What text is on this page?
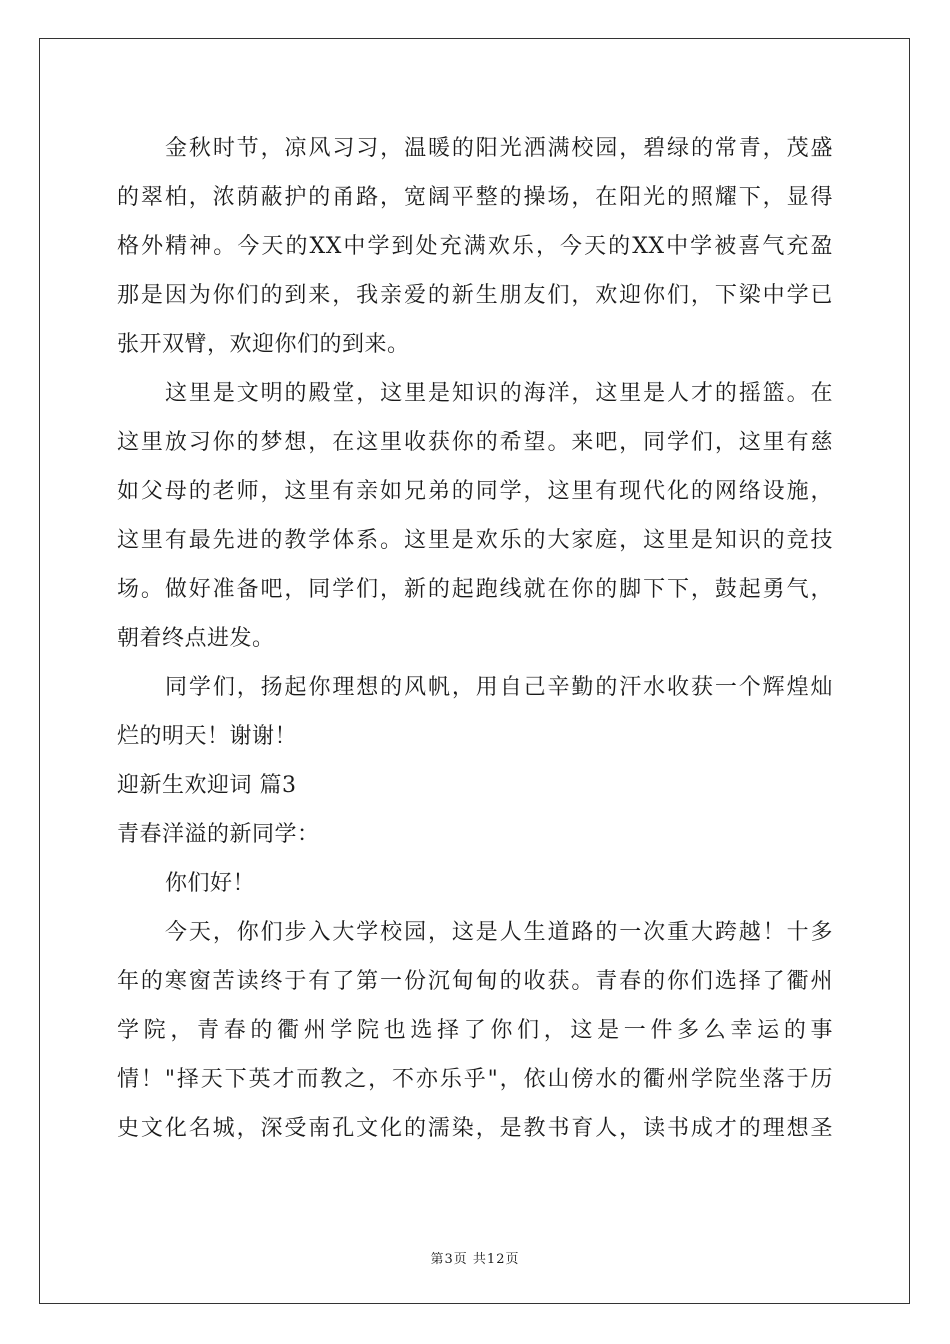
金秋时节，凉风习习，温暖的阳光洒满校园，碧绿的常青，茂盛
的翠柏，浓荫蔽护的甬路，宽阔平整的操场，在阳光的照耀下，显得
格外精神。今天的XX中学到处充满欢乐，今天的XX中学被喜气充盈
那是因为你们的到来，我亲爱的新生朋友们，欢迎你们，下梁中学已
张开双臂，欢迎你们的到来。
这里是文明的殿堂，这里是知识的海洋，这里是人才的摇篮。在
这里放习你的梦想，在这里收获你的希望。来吧，同学们，这里有慈
如父母的老师，这里有亲如兄弟的同学，这里有现代化的网络设施，
这里有最先进的教学体系。这里是欢乐的大家庭，这里是知识的竞技
场。做好准备吧，同学们，新的起跑线就在你的脚下下，鼓起勇气，
朝着终点进发。
同学们，扬起你理想的风帆，用自己辛勤的汗水收获一个辉煌灿
烂的明天！谢谢！
迎新生欢迎词 篇3
青春洋溢的新同学：
你们好！
今天，你们步入大学校园，这是人生道路的一次重大跨越！十多
年的寒窗苦读终于有了第一份沉甸甸的收获。青春的你们选择了衢州
学院，青春的衢州学院也选择了你们，这是一件多么幸运的事
情！"择天下英才而教之，不亦乐乎"，依山傍水的衢州学院坐落于历
史文化名城，深受南孔文化的濡染，是教书育人，读书成才的理想圣
第3页 共12页
